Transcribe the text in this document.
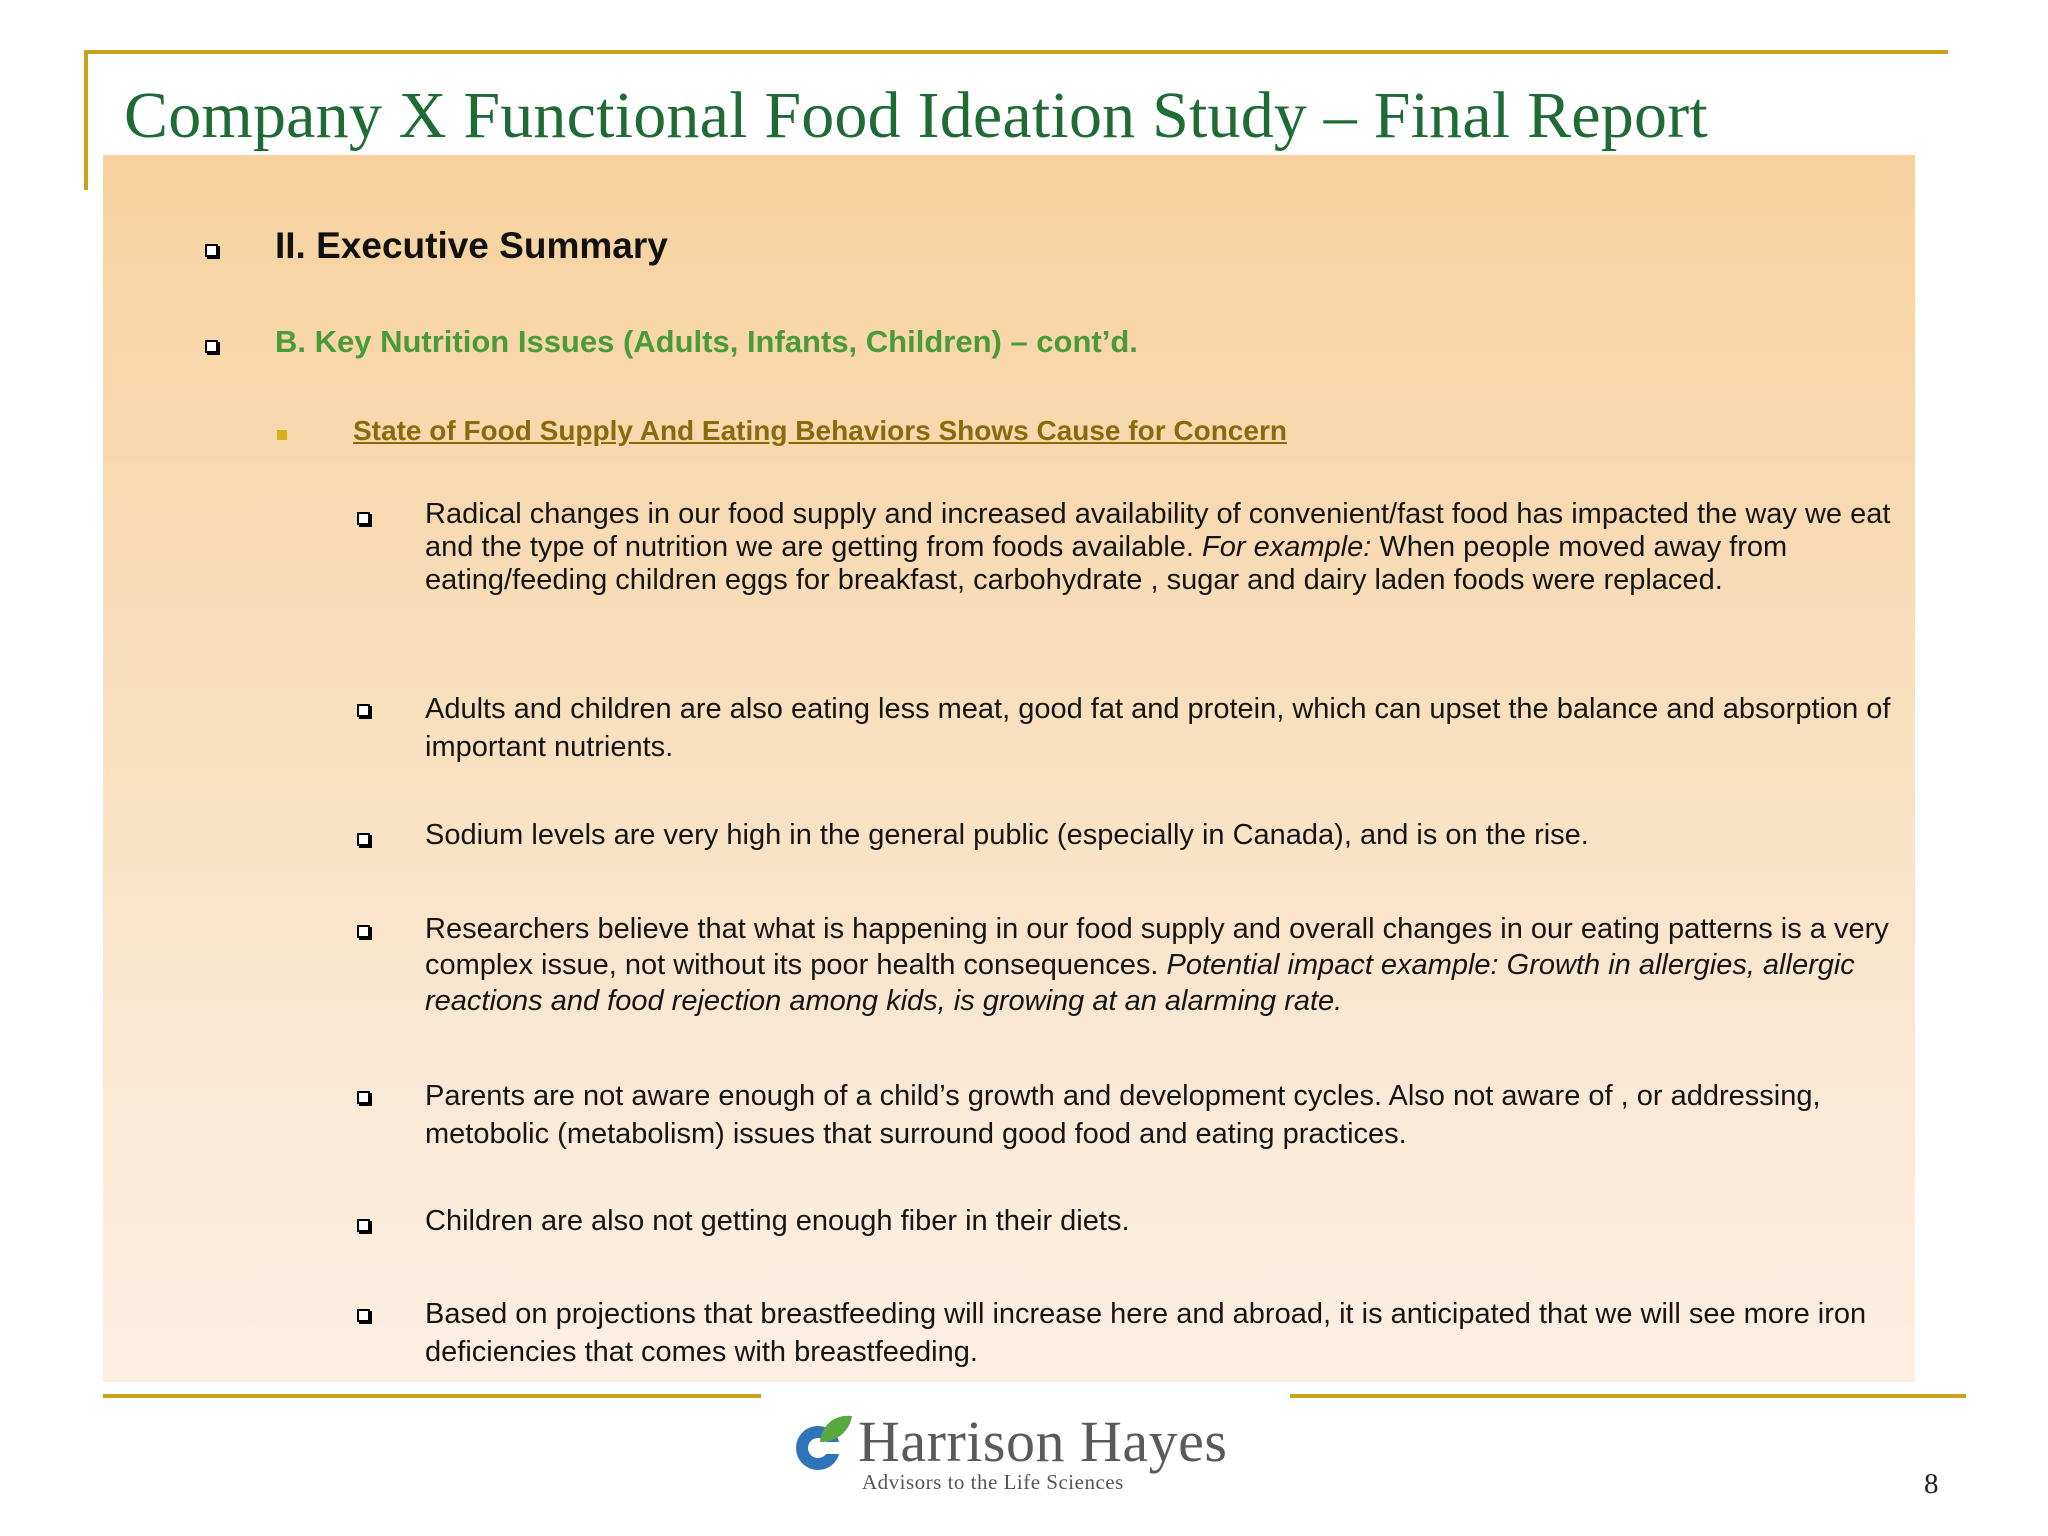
Company X Functional Food Ideation Study – Final Report
II. Executive Summary
B. Key Nutrition Issues (Adults, Infants, Children) – cont’d.
State of Food Supply And Eating Behaviors Shows Cause for Concern
Radical changes in our food supply and increased availability of convenient/fast food has impacted the way we eat and the type of nutrition we are getting from foods available. For example: When people moved away from eating/feeding children eggs for breakfast, carbohydrate , sugar and dairy laden foods were replaced.
Adults and children are also eating less meat, good fat and protein, which can upset the balance and absorption of important nutrients.
Sodium levels are very high in the general public (especially in Canada), and is on the rise.
Researchers believe that what is happening in our food supply and overall changes in our eating patterns is a very complex issue, not without its poor health consequences. Potential impact example: Growth in allergies, allergic reactions and food rejection among kids, is growing at an alarming rate.
Parents are not aware enough of a child’s growth and development cycles. Also not aware of , or addressing, metobolic (metabolism) issues that surround good food and eating practices.
Children are also not getting enough fiber in their diets.
Based on projections that breastfeeding will increase here and abroad, it is anticipated that we will see more iron deficiencies that comes with breastfeeding.
Harrison Hayes
Advisors to the Life Sciences	8
